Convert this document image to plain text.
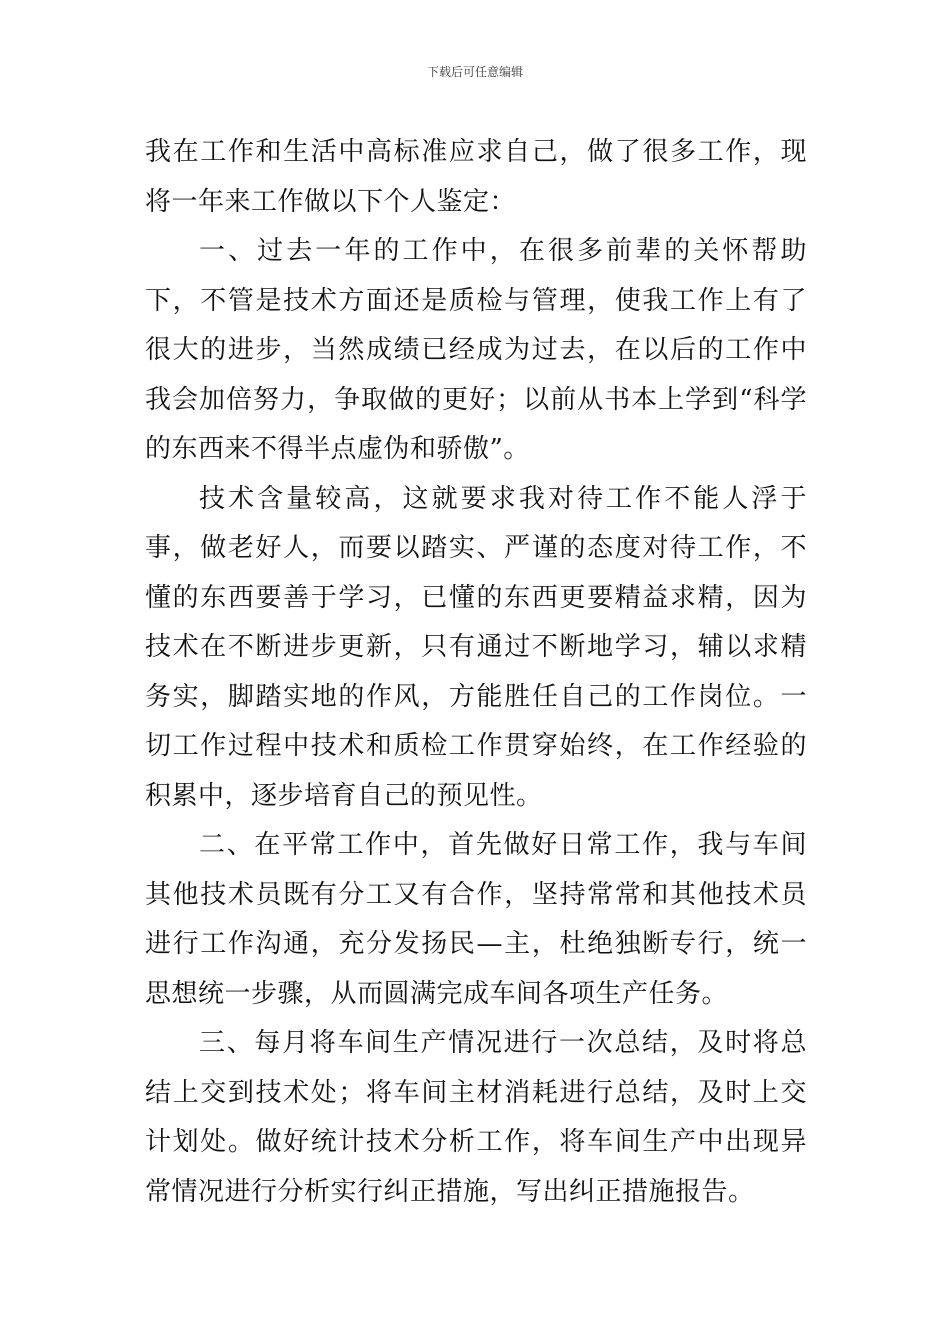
下载后可任意编辑

我在工作和生活中高标准应求自己，做了很多工作，现将一年来工作做以下个人鉴定：

一、过去一年的工作中，在很多前辈的关怀帮助下，不管是技术方面还是质检与管理，使我工作上有了很大的进步，当然成绩已经成为过去，在以后的工作中我会加倍努力，争取做的更好；以前从书本上学到“科学的东西来不得半点虚伪和骄傲”。

技术含量较高，这就要求我对待工作不能人浮于事，做老好人，而要以踏实、严谨的态度对待工作，不懂的东西要善于学习，已懂的东西更要精益求精，因为技术在不断进步更新，只有通过不断地学习，辅以求精务实，脚踏实地的作风，方能胜任自己的工作岗位。一切工作过程中技术和质检工作贯穿始终，在工作经验的积累中，逐步培育自己的预见性。

二、在平常工作中，首先做好日常工作，我与车间其他技术员既有分工又有合作，坚持常常和其他技术员进行工作沟通，充分发扬民—主，杜绝独断专行，统一思想统一步骤，从而圆满完成车间各项生产任务。

三、每月将车间生产情况进行一次总结，及时将总结上交到技术处；将车间主材消耗进行总结，及时上交计划处。做好统计技术分析工作，将车间生产中出现异常情况进行分析实行纠正措施，写出纠正措施报告。
